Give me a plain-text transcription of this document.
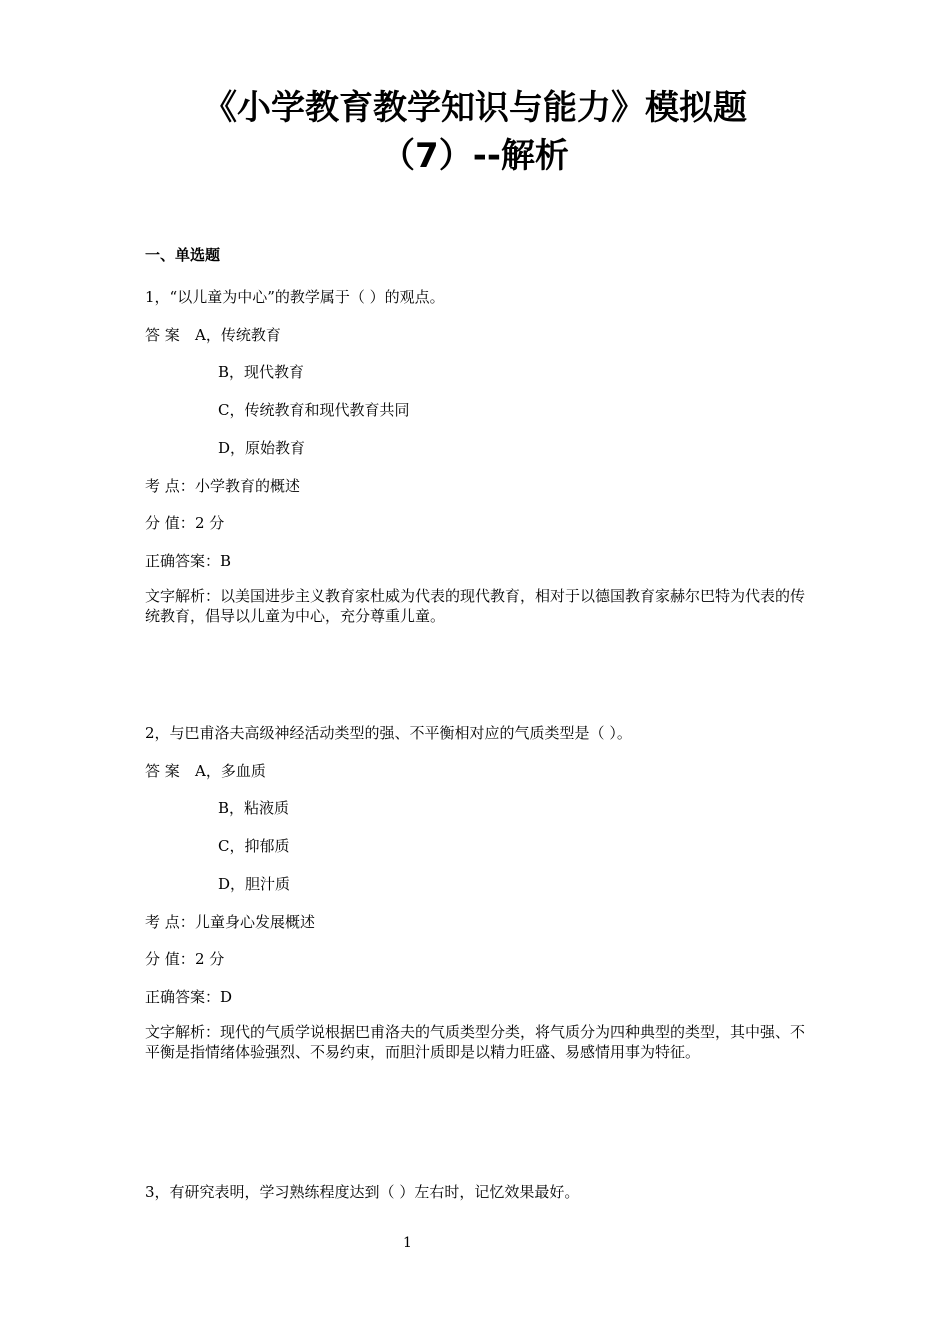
《小学教育教学知识与能力》模拟题
（7）--解析
一、单选题
1，“以儿童为中心”的教学属于（ ）的观点。
答 案 A，传统教育
B，现代教育
C，传统教育和现代教育共同
D，原始教育
考 点：小学教育的概述
分 值：2 分
正确答案：B
文字解析：以美国进步主义教育家杜威为代表的现代教育，相对于以德国教育家赫尔巴特为代表的传统教育，倡导以儿童为中心，充分尊重儿童。
2，与巴甫洛夫高级神经活动类型的强、不平衡相对应的气质类型是（ ）。
答 案 A，多血质
B，粘液质
C，抑郁质
D，胆汁质
考 点：儿童身心发展概述
分 值：2 分
正确答案：D
文字解析：现代的气质学说根据巴甫洛夫的气质类型分类，将气质分为四种典型的类型，其中强、不平衡是指情绪体验强烈、不易约束，而胆汁质即是以精力旺盛、易感情用事为特征。
3，有研究表明，学习熟练程度达到（ ）左右时，记忆效果最好。
1
